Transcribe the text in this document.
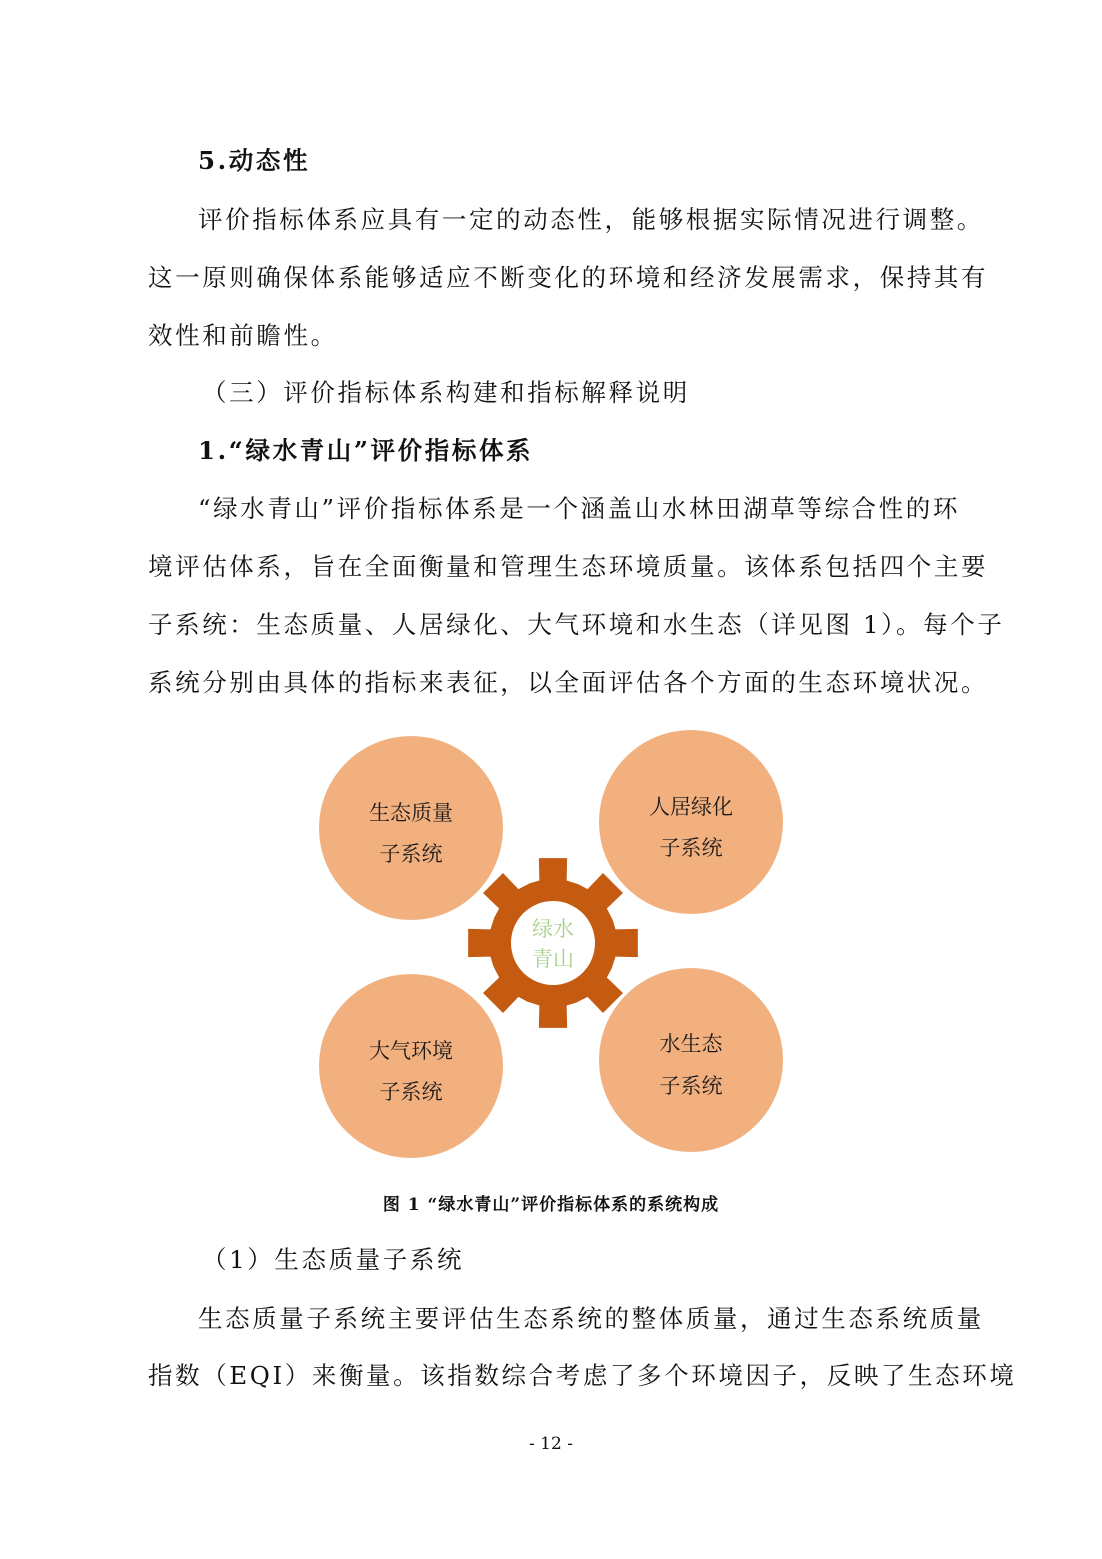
5.动态性
评价指标体系应具有一定的动态性，能够根据实际情况进行调整。
这一原则确保体系能够适应不断变化的环境和经济发展需求，保持其有
效性和前瞻性。
（三）评价指标体系构建和指标解释说明
1.“绿水青山”评价指标体系
“绿水青山”评价指标体系是一个涵盖山水林田湖草等综合性的环
境评估体系，旨在全面衡量和管理生态环境质量。该体系包括四个主要
子系统：生态质量、人居绿化、大气环境和水生态（详见图 1）。每个子
系统分别由具体的指标来表征，以全面评估各个方面的生态环境状况。
绿水
青山
生态质量
子系统
人居绿化
子系统
大气环境
子系统
水生态
子系统
图 1 “绿水青山”评价指标体系的系统构成
（1）生态质量子系统
生态质量子系统主要评估生态系统的整体质量，通过生态系统质量
指数（EQI）来衡量。该指数综合考虑了多个环境因子，反映了生态环境
- 12 -
